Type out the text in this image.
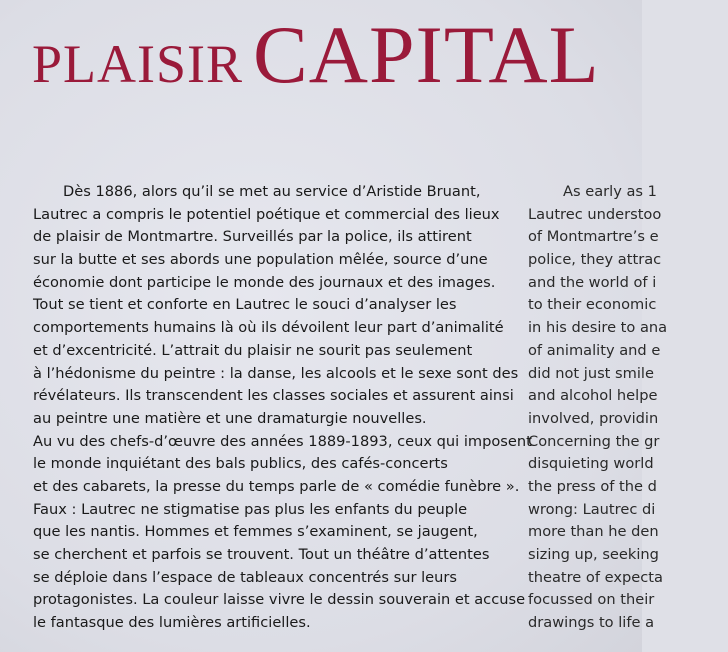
PLAISIR CAPITAL
Dès 1886, alors qu’il se met au service d’Aristide Bruant,
Lautrec a compris le potentiel poétique et commercial des lieux
de plaisir de Montmartre. Surveillés par la police, ils attirent
sur la butte et ses abords une population mêlée, source d’une
économie dont participe le monde des journaux et des images.
Tout se tient et conforte en Lautrec le souci d’analyser les
comportements humains là où ils dévoilent leur part d’animalité
et d’excentricité. L’attrait du plaisir ne sourit pas seulement
à l’hédonisme du peintre : la danse, les alcools et le sexe sont des
révélateurs. Ils transcendent les classes sociales et assurent ainsi
au peintre une matière et une dramaturgie nouvelles.
Au vu des chefs-d’œuvre des années 1889-1893, ceux qui imposent
le monde inquiétant des bals publics, des cafés-concerts
et des cabarets, la presse du temps parle de « comédie funèbre ».
Faux : Lautrec ne stigmatise pas plus les enfants du peuple
que les nantis. Hommes et femmes s’examinent, se jaugent,
se cherchent et parfois se trouvent. Tout un théâtre d’attentes
se déploie dans l’espace de tableaux concentrés sur leurs
protagonistes. La couleur laisse vivre le dessin souverain et accuse
le fantasque des lumières artificielles.
As early as 1
Lautrec understoo
of Montmartre’s e
police, they attrac
and the world of i
to their economic
in his desire to ana
of animality and e
did not just smile
and alcohol helpe
involved, providin
Concerning the gr
disquieting world
the press of the d
wrong: Lautrec di
more than he den
sizing up, seeking
theatre of expecta
focussed on their
drawings to life a
